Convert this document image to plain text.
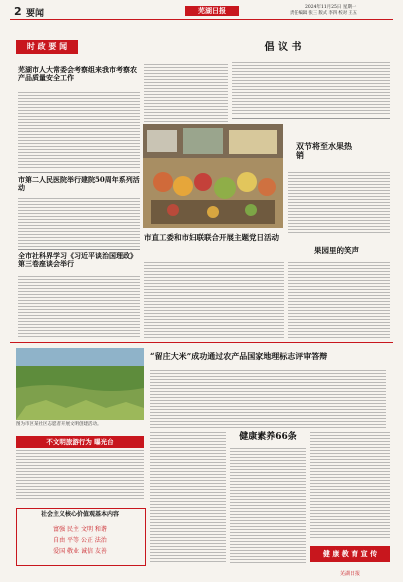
2 要闻	芜湖日报	2024年11月25日 星期一
责任编辑 张三 版式 李四 校对 王五
时 政 要 闻
芜湖市人大常委会考察组来我市考察农产品质量安全工作
市第二人民医院举行建院50周年系列活动
全市社科界学习《习近平谈治国理政》第三卷座谈会举行
倡 议 书
双节将至水果热销
市直工委和市妇联联合开展主题党日活动
果园里的笑声
图为市区某社区志愿者开展文明创建活动。
“留庄大米”成功通过农产品国家地理标志评审答辩
不文明旅游行为 曝光台
社会主义核心价值观基本内容
富强 民主 文明 和谐
自由 平等 公正 法治
爱国 敬业 诚信 友善
健康素养66条
健 康 教 育 宣 传
芜湖日报
